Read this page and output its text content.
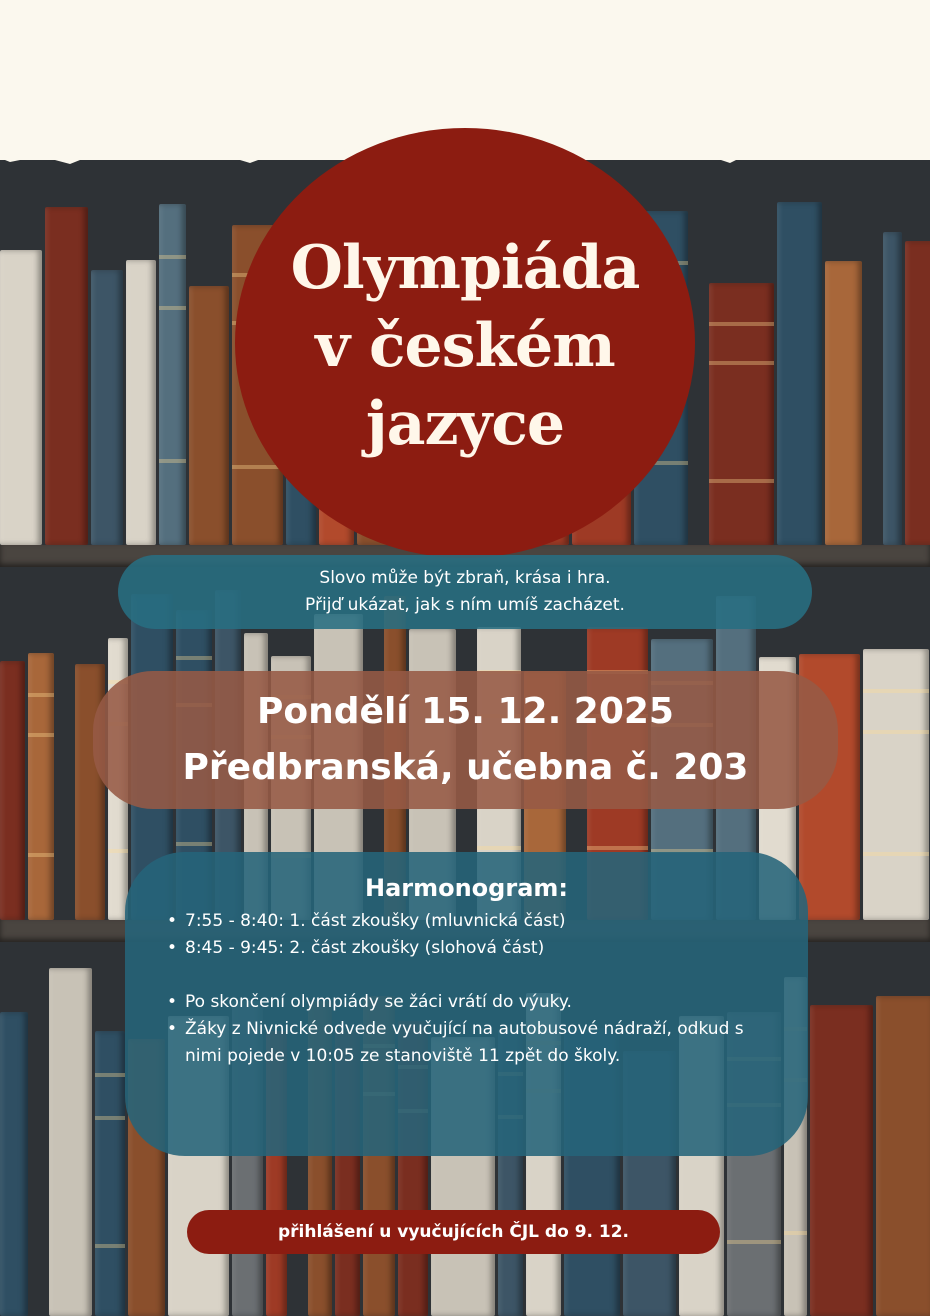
Olympiáda
v českém
jazyce
Slovo může být zbraň, krása i hra.
Přijď ukázat, jak s ním umíš zacházet.
Pondělí 15. 12. 2025
Předbranská, učebna č. 203
Harmonogram:
• 7:55 - 8:40: 1. část zkoušky (mluvnická část)
• 8:45 - 9:45: 2. část zkoušky (slohová část)
• Po skončení olympiády se žáci vrátí do výuky.
• Žáky z Nivnické odvede vyučující na autobusové nádraží, odkud s nimi pojede v 10:05 ze stanoviště 11 zpět do školy.
přihlášení u vyučujících ČJL do 9. 12.
